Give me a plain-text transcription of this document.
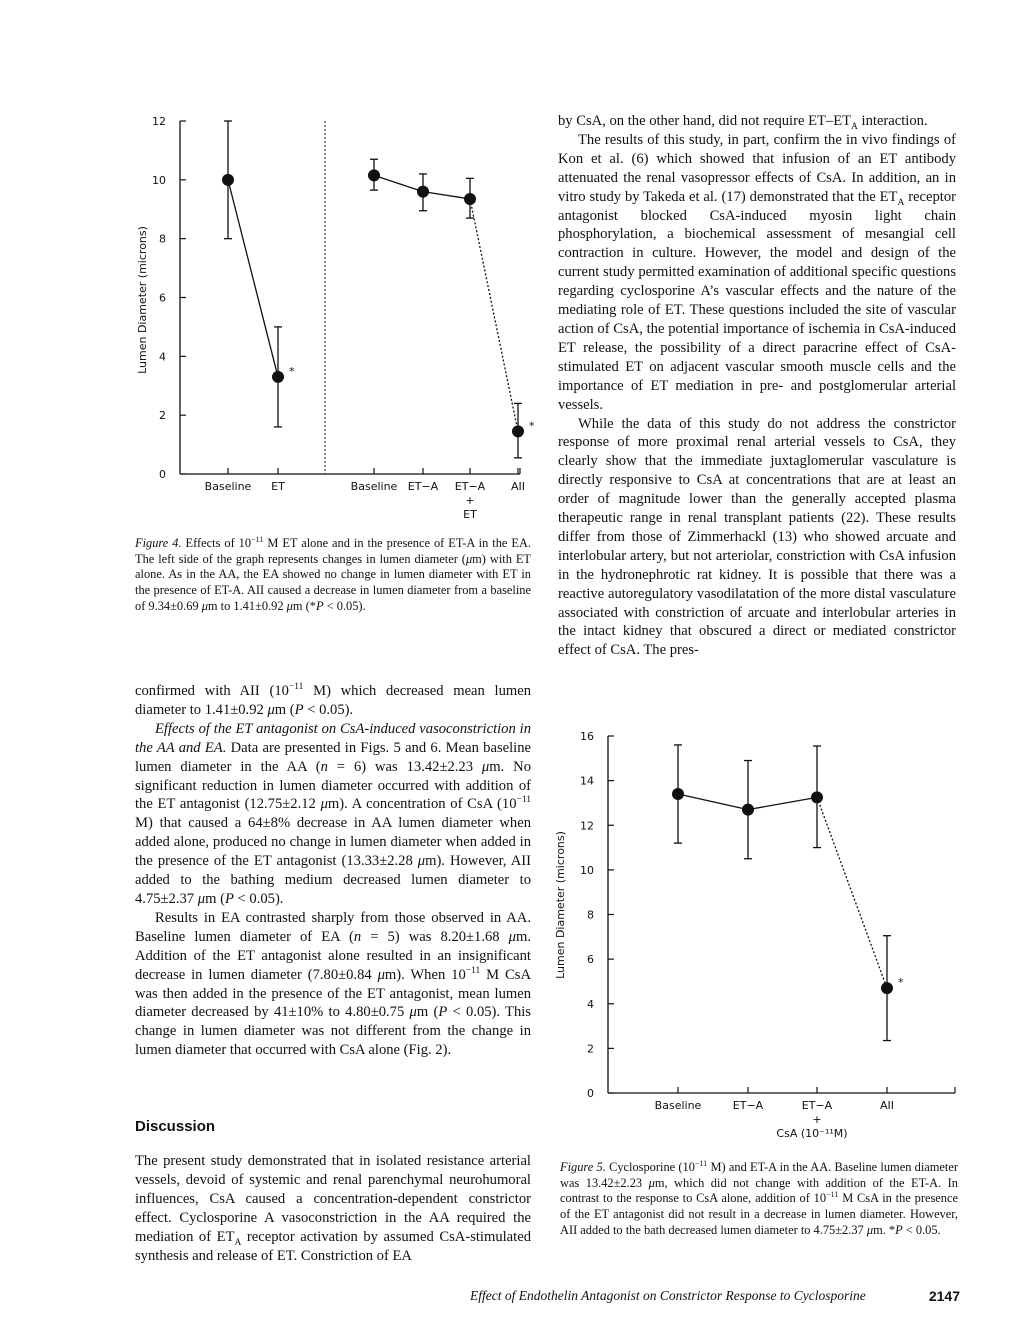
0
2
4
6
8
10
12
Lumen Diameter (microns)
Baseline
*
ET	Baseline ET−A ET−A
+
ET
*
AII

Figure 4. Effects of $10^{-11}$ M ET alone and in the presence of ET-A in the EA. The left side of the graph represents changes in lumen diameter (μm) with ET alone. As in the AA, the EA showed no change in lumen diameter with ET in the presence of ET-A. AII caused a decrease in lumen diameter from a baseline of 9.34±0.69 μm to 1.41±0.92 μm (*P < 0.05).

confirmed with AII ($10^{-11}$ M) which decreased mean lumen diameter to 1.41±0.92 μm (P < 0.05).

Effects of the ET antagonist on CsA-induced vasoconstriction in the AA and EA. Data are presented in Figs. 5 and 6. Mean baseline lumen diameter in the AA (n = 6) was 13.42±2.23 μm. No significant reduction in lumen diameter occurred with addition of the ET antagonist (12.75±2.12 μm). A concentration of CsA ($10^{-11}$ M) that caused a 64±8% decrease in AA lumen diameter when added alone, produced no change in lumen diameter when added in the presence of the ET antagonist (13.33±2.28 μm). However, AII added to the bathing medium decreased lumen diameter to 4.75±2.37 μm (P < 0.05).

Results in EA contrasted sharply from those observed in AA. Baseline lumen diameter of EA (n = 5) was 8.20±1.68 μm. Addition of the ET antagonist alone resulted in an insignificant decrease in lumen diameter (7.80±0.84 μm). When $10^{-11}$ M CsA was then added in the presence of the ET antagonist, mean lumen diameter decreased by 41±10% to 4.80±0.75 μm (P < 0.05). This change in lumen diameter was not different from the change in lumen diameter that occurred with CsA alone (Fig. 2).

Discussion

The present study demonstrated that in isolated resistance arterial vessels, devoid of systemic and renal parenchymal neurohumoral influences, CsA caused a concentration-dependent constrictor effect. Cyclosporine A vasoconstriction in the AA required the mediation of $ET_A$ receptor activation by assumed CsA-stimulated synthesis and release of ET. Constriction of EA

by CsA, on the other hand, did not require $ET-ET_A$ interaction.

The results of this study, in part, confirm the in vivo findings of Kon et al. (6) which showed that infusion of an ET antibody attenuated the renal vasopressor effects of CsA. In addition, an in vitro study by Takeda et al. (17) demonstrated that the $ET_A$ receptor antagonist blocked CsA-induced myosin light chain phosphorylation, a biochemical assessment of mesangial cell contraction in culture. However, the model and design of the current study permitted examination of additional specific questions regarding cyclosporine A’s vascular effects and the nature of the mediating role of ET. These questions included the site of vascular action of CsA, the potential importance of ischemia in CsA-induced ET release, the possibility of a direct paracrine effect of CsA-stimulated ET on adjacent vascular smooth muscle cells and the importance of ET mediation in pre- and postglomerular arterial vessels.

While the data of this study do not address the constrictor response of more proximal renal arterial vessels to CsA, they clearly show that the immediate juxtaglomerular vasculature is directly responsive to CsA at concentrations that are at least an order of magnitude lower than the generally accepted plasma therapeutic range in renal transplant patients (22). These results differ from those of Zimmerhackl (13) who showed arcuate and interlobular artery, but not arteriolar, constriction with CsA infusion in the hydronephrotic rat kidney. It is possible that there was a reactive autoregulatory vasodilatation of the more distal vasculature associated with constriction of arcuate and interlobular arteries in the intact kidney that obscured a direct or mediated constrictor effect of CsA. The pres-

0
2
4
6
8
10
12
14
16
Lumen Diameter (microns)
Baseline	ET−A	ET−A
+
*
AII
CsA (10⁻¹¹M)

Figure 5. Cyclosporine ($10^{-11}$ M) and ET-A in the AA. Baseline lumen diameter was 13.42±2.23 μm, which did not change with addition of the ET-A. In contrast to the response to CsA alone, addition of $10^{-11}$ M CsA in the presence of the ET antagonist did not result in a decrease in lumen diameter. However, AII added to the bath decreased lumen diameter to 4.75±2.37 μm. *P < 0.05.

Effect of Endothelin Antagonist on Constrictor Response to Cyclosporine	2147
